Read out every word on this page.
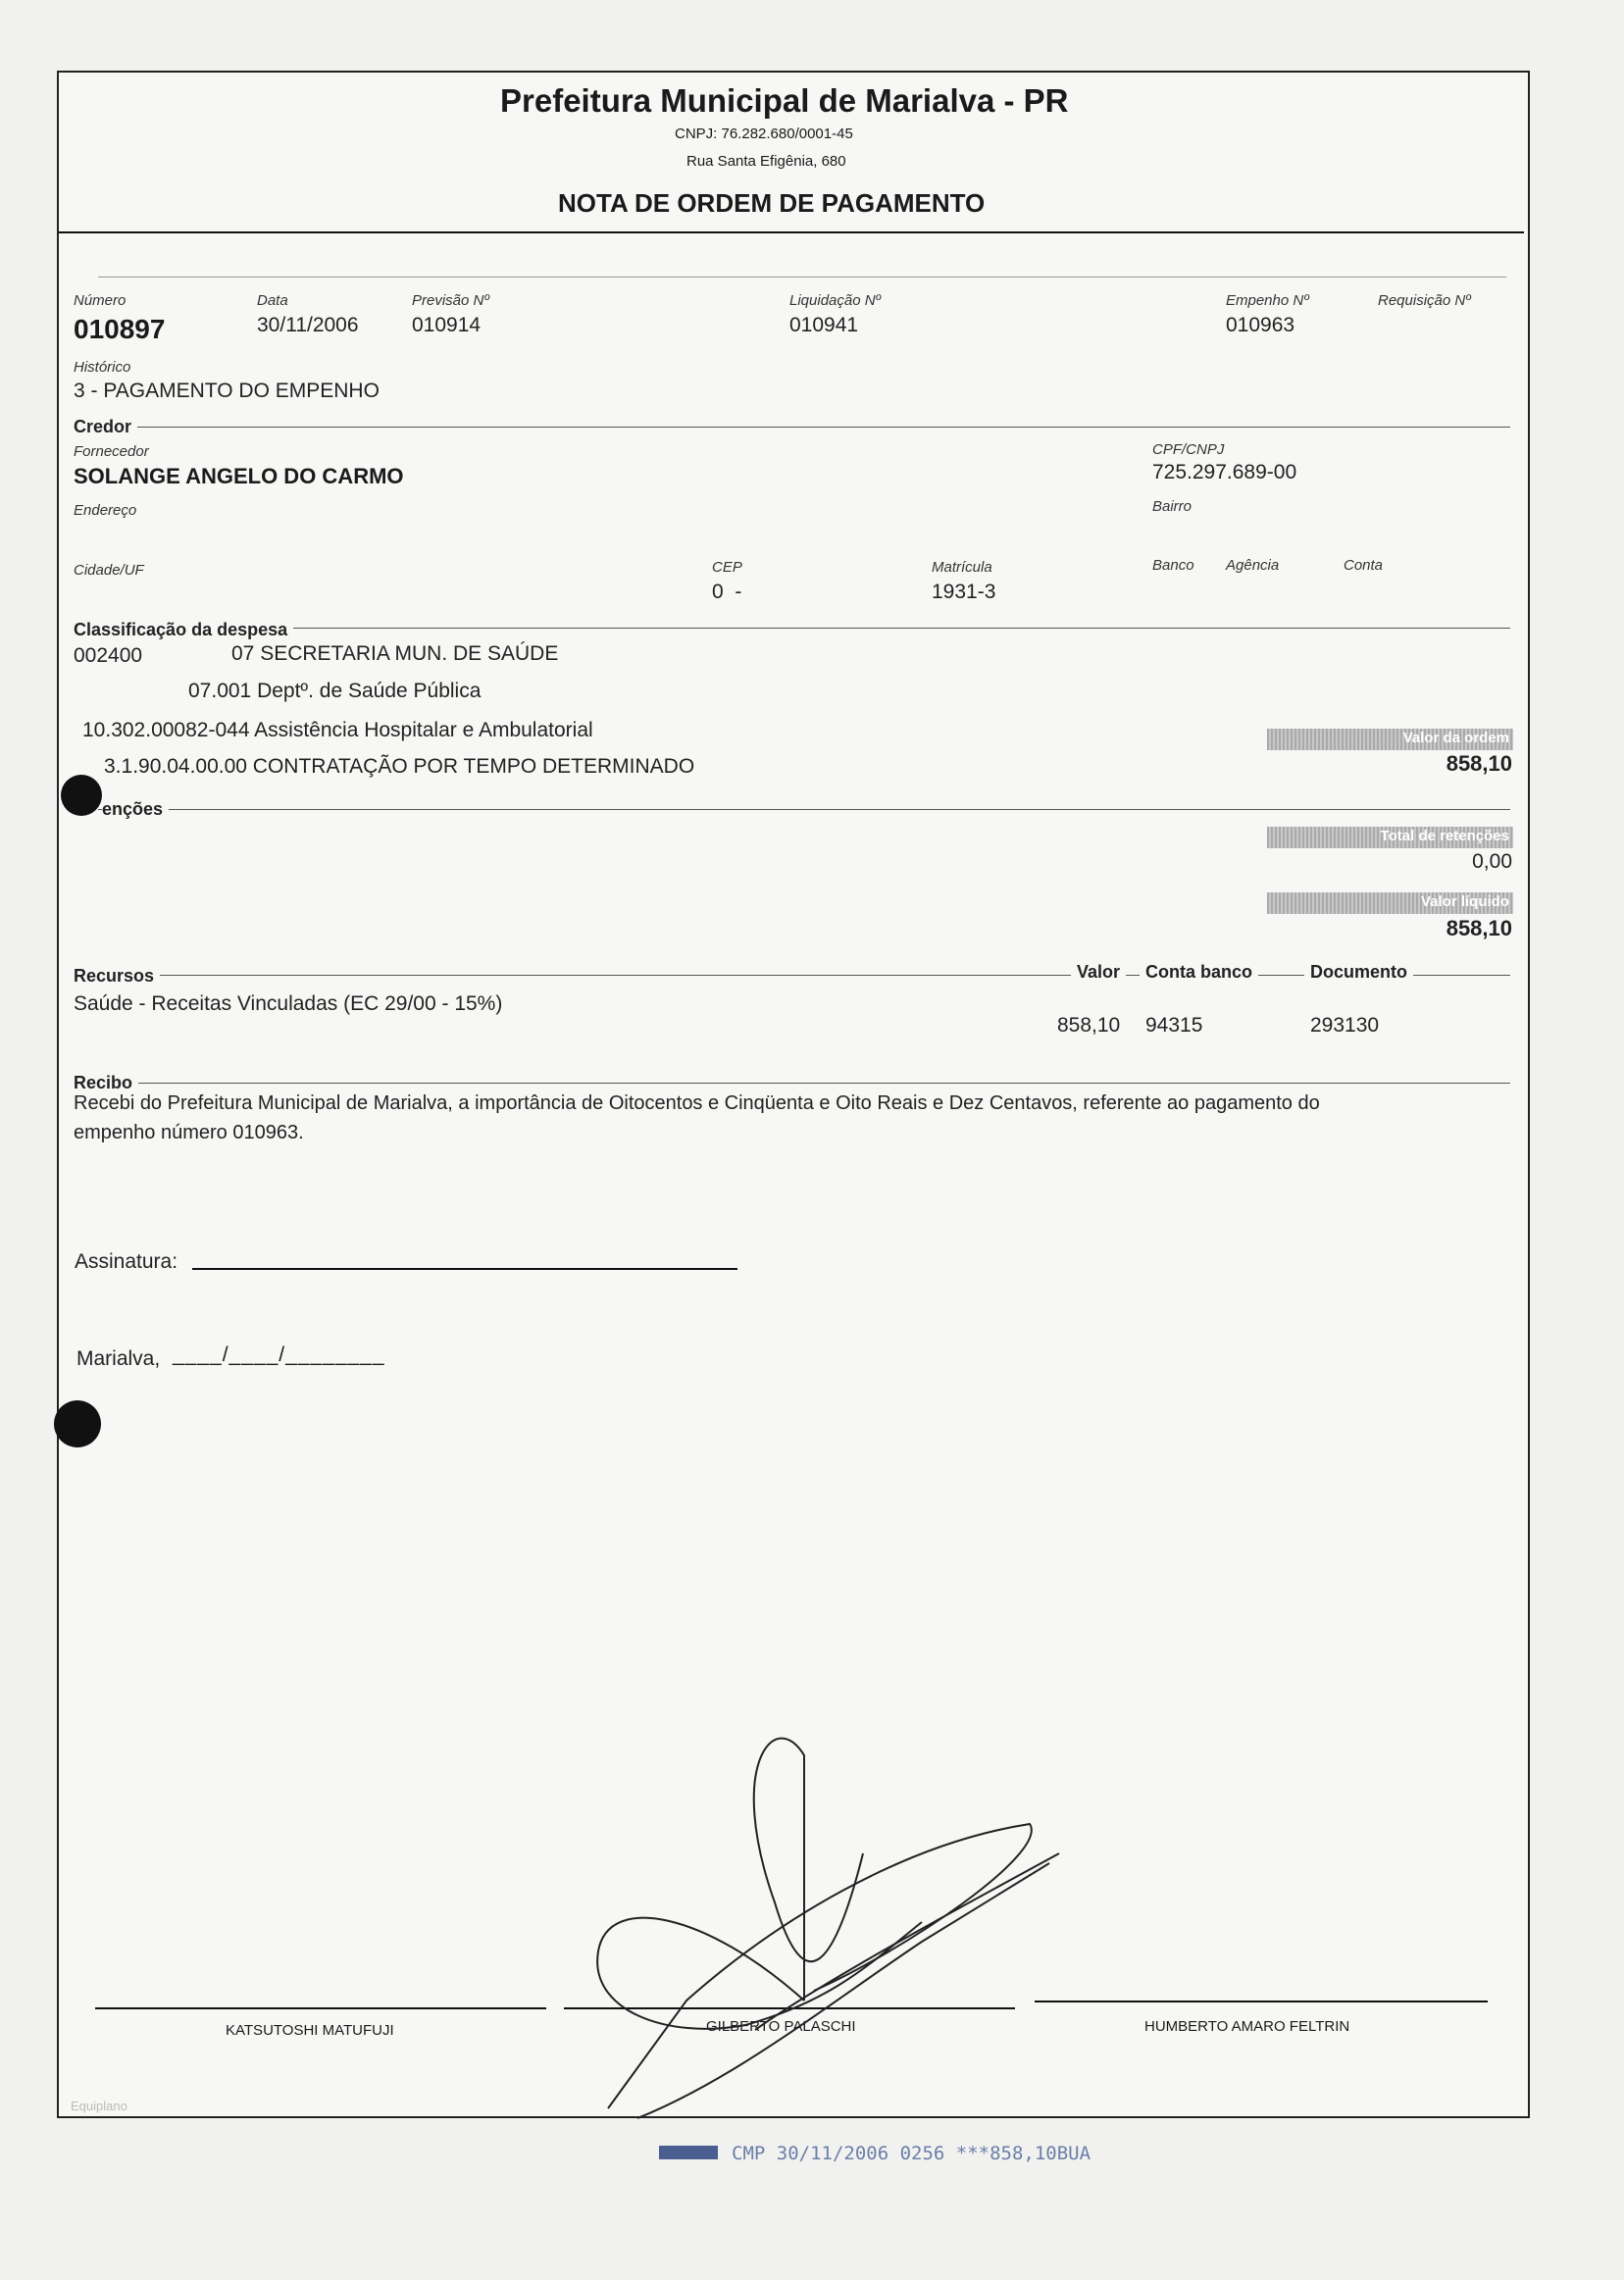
Prefeitura Municipal de Marialva - PR
CNPJ: 76.282.680/0001-45
Rua Santa Efigênia, 680
NOTA DE ORDEM DE PAGAMENTO
Número
010897
Data
30/11/2006
Previsão Nº
010914
Liquidação Nº
010941
Empenho Nº
010963
Requisição Nº
Histórico
3 - PAGAMENTO DO EMPENHO
Credor
Fornecedor
SOLANGE ANGELO DO CARMO
CPF/CNPJ
725.297.689-00
Endereço	Bairro
Cidade/UF	CEP
0  -
Matrícula
1931-3
Banco Agência	Conta
Classificação da despesa
002400	07 SECRETARIA MUN. DE SAÚDE
07.001 Deptº. de Saúde Pública
10.302.00082-044 Assistência Hospitalar e Ambulatorial
3.1.90.04.00.00 CONTRATAÇÃO POR TEMPO DETERMINADO
Valor da ordem
858,10
enções
Total de retenções
0,00
Valor líquido
858,10
Recursos	Valor	Conta banco	Documento
Saúde - Receitas Vinculadas (EC 29/00 - 15%)
858,10 94315	293130
Recibo
Recebi do Prefeitura Municipal de Marialva, a importância de Oitocentos e Cinqüenta e Oito Reais e Dez Centavos, referente ao pagamento do
empenho número 010963.
Assinatura:
Marialva, ____/____/________
KATSUTOSHI MATUFUJI	GILBERTO PALASCHI	HUMBERTO AMARO FELTRIN
Equiplano
CMP 30/11/2006 0256 ***858,10BUA
